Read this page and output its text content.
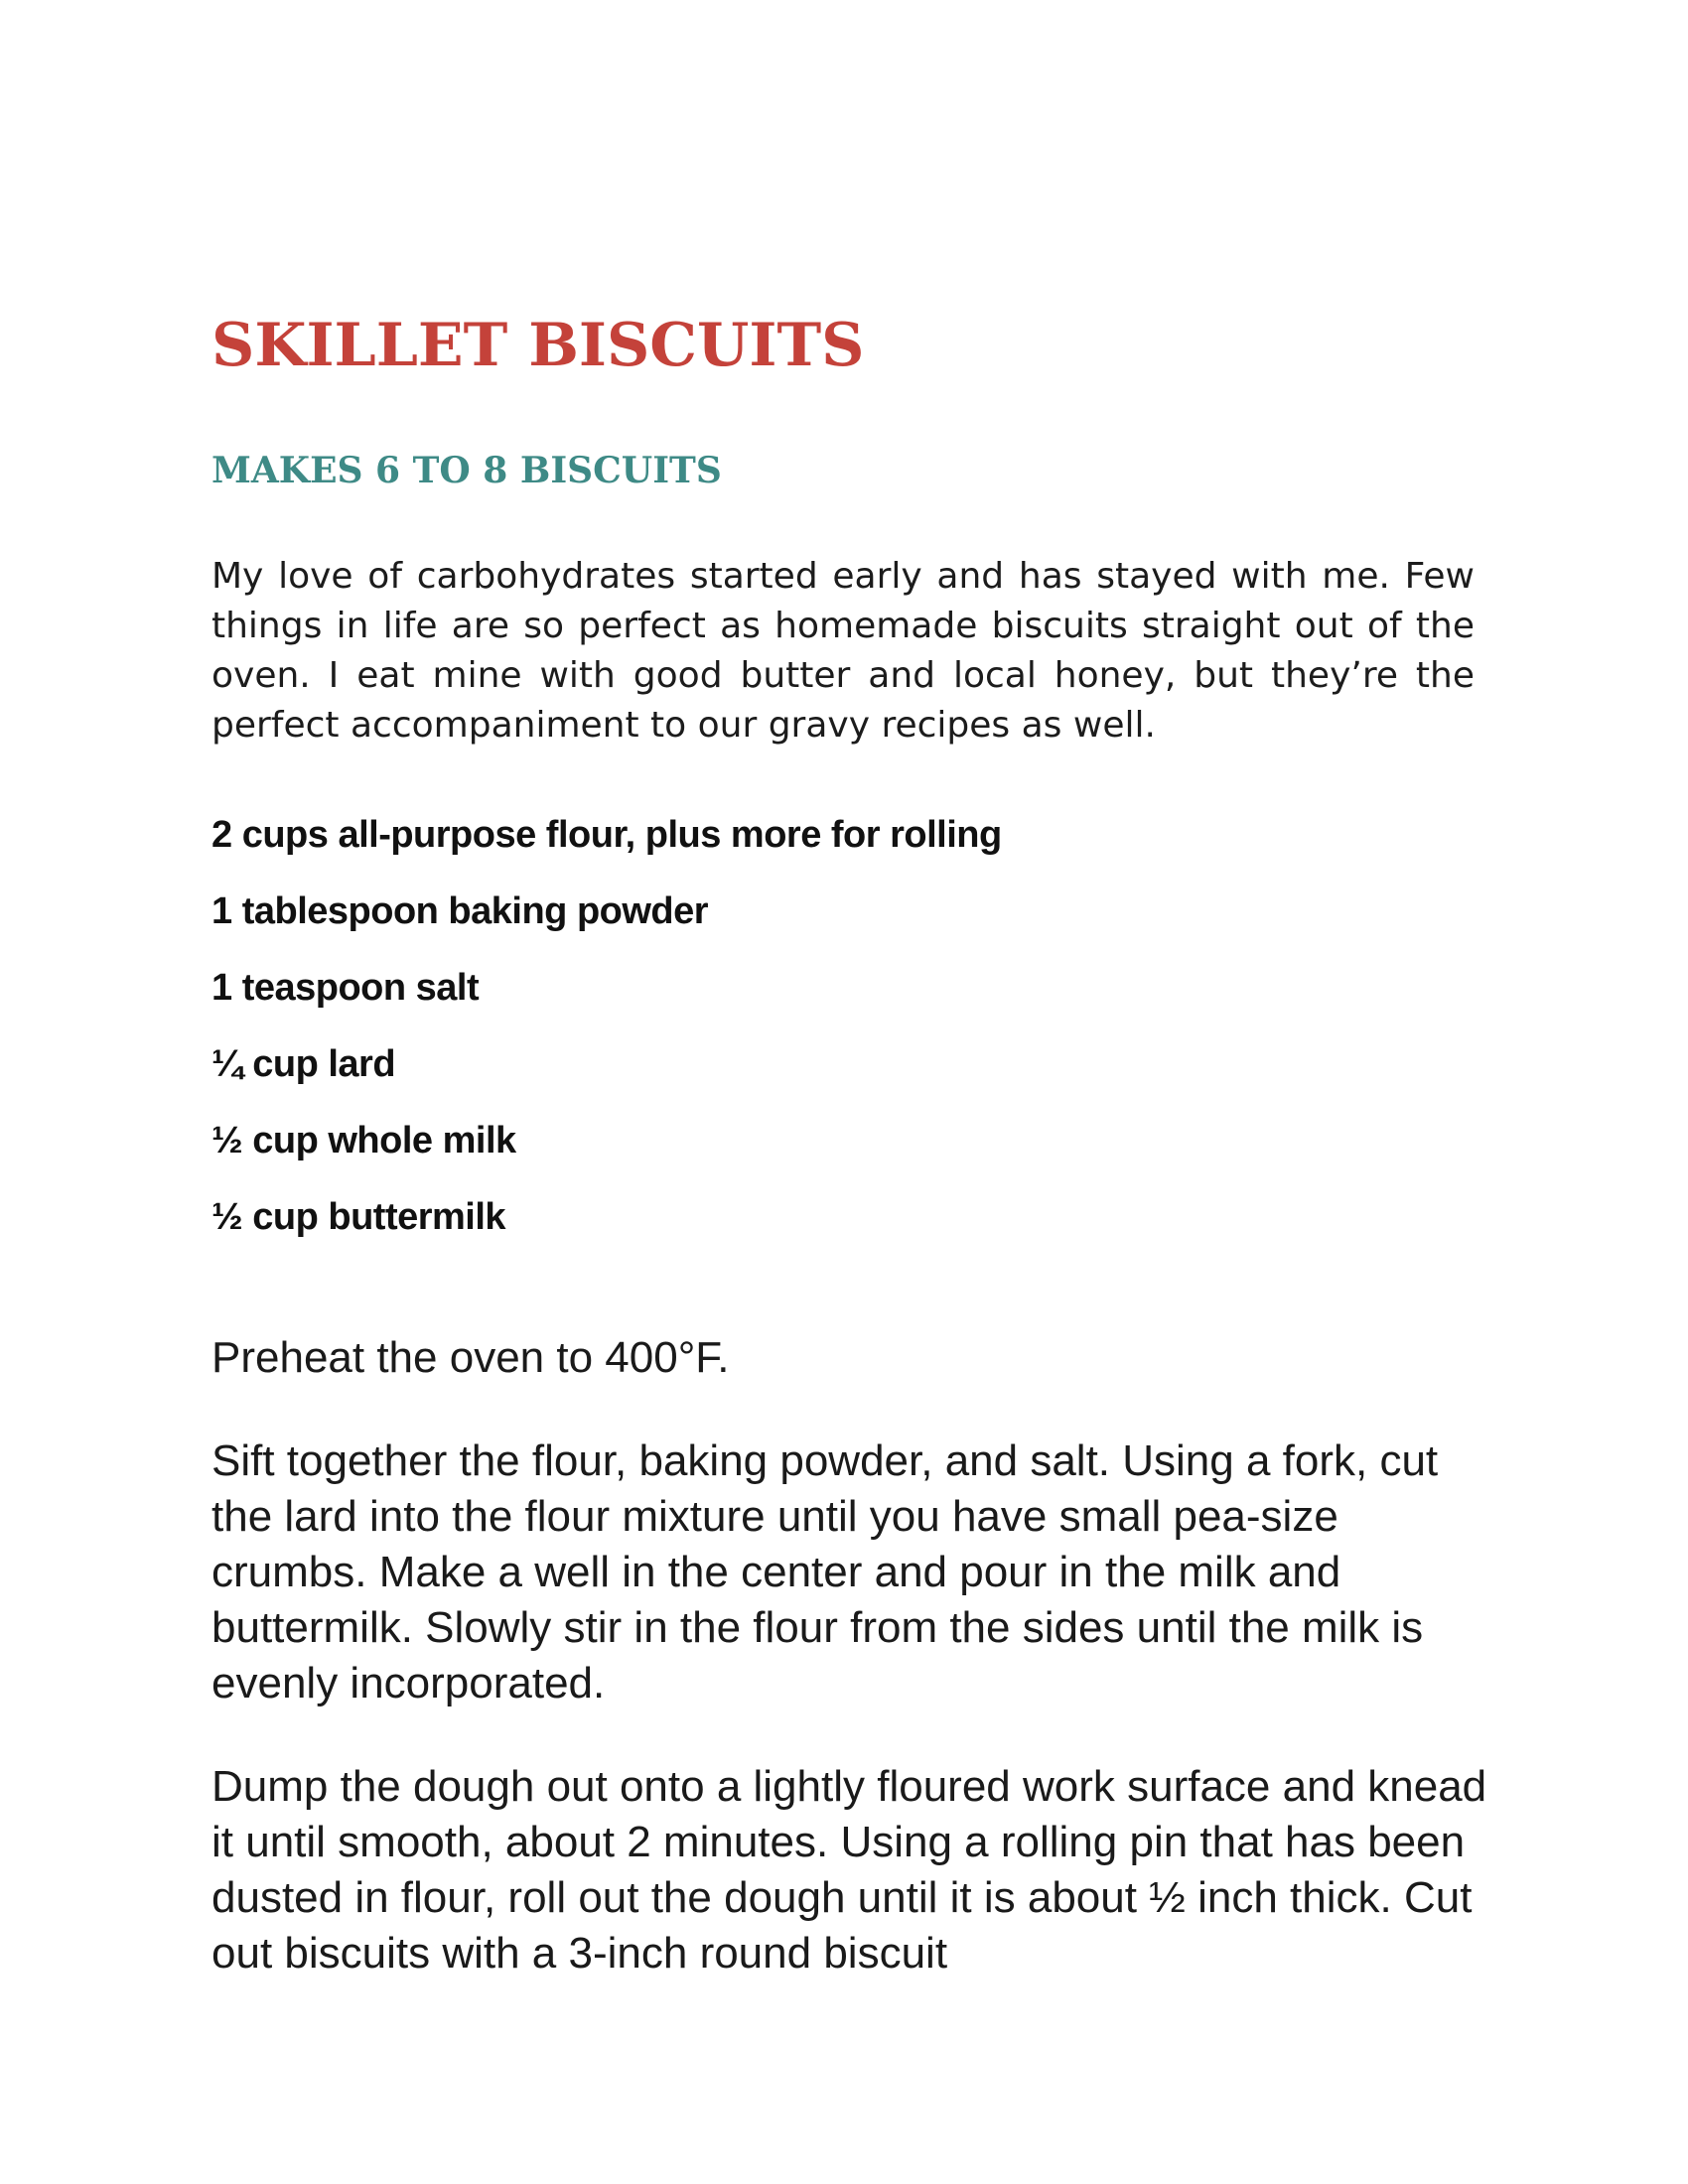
SKILLET BISCUITS
MAKES 6 TO 8 BISCUITS

My love of carbohydrates started early and has stayed with me. Few things in life are so perfect as homemade biscuits straight out of the oven. I eat mine with good butter and local honey, but they’re the perfect accompaniment to our gravy recipes as well.

2 cups all-purpose flour, plus more for rolling
1 tablespoon baking powder
1 teaspoon salt
¼ cup lard
½ cup whole milk
½ cup buttermilk

Preheat the oven to 400°F.

Sift together the flour, baking powder, and salt. Using a fork, cut the lard into the flour mixture until you have small pea-size crumbs. Make a well in the center and pour in the milk and buttermilk. Slowly stir in the flour from the sides until the milk is evenly incorporated.

Dump the dough out onto a lightly floured work surface and knead it until smooth, about 2 minutes. Using a rolling pin that has been dusted in flour, roll out the dough until it is about ½ inch thick. Cut out biscuits with a 3-inch round biscuit
